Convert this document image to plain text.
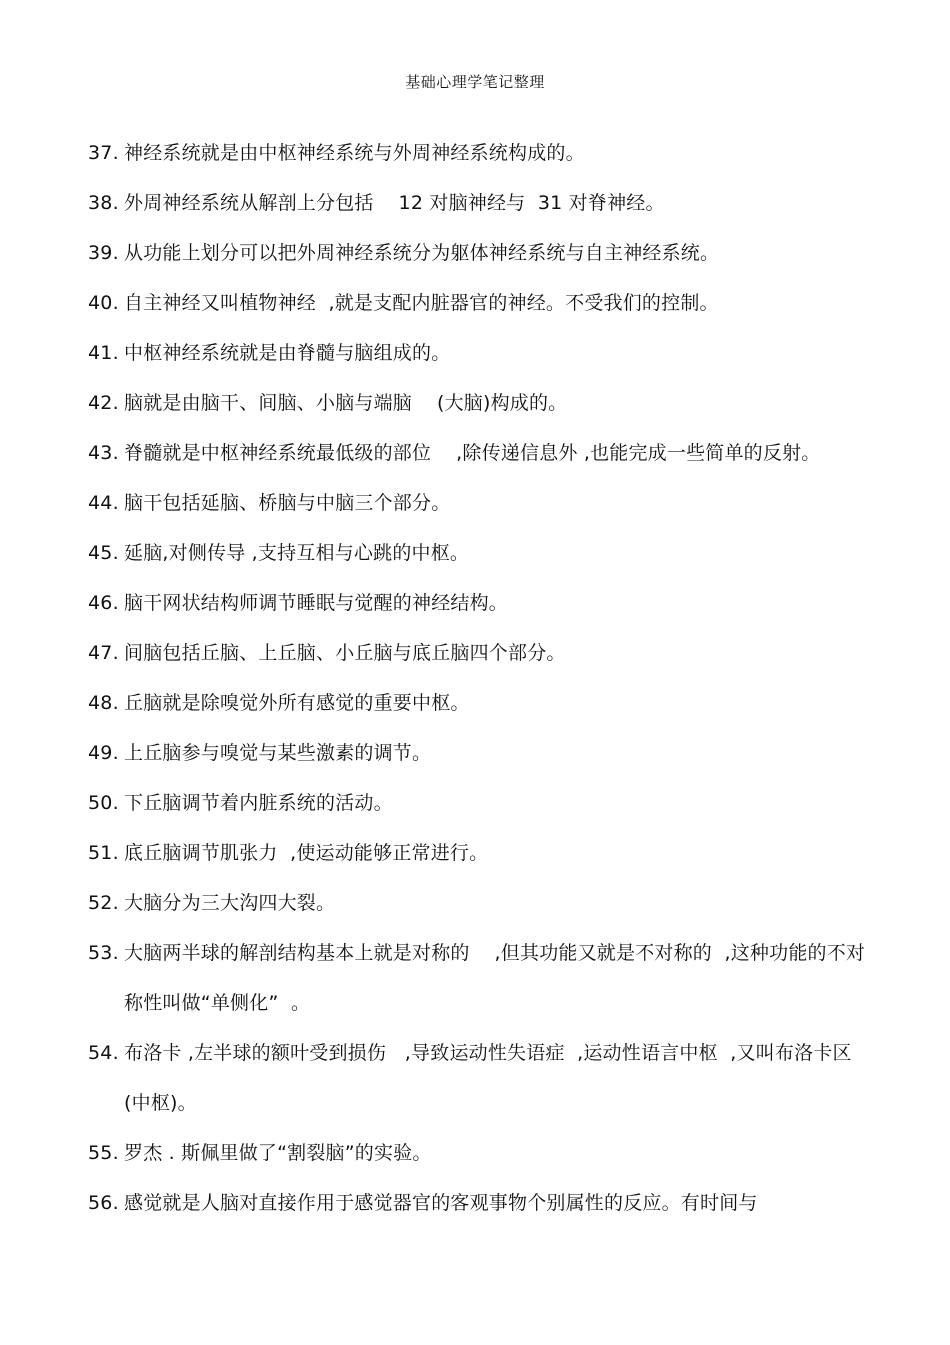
基础心理学笔记整理
37. 神经系统就是由中枢神经系统与外周神经系统构成的。
38. 外周神经系统从解剖上分包括    12 对脑神经与  31 对脊神经。
39. 从功能上划分可以把外周神经系统分为躯体神经系统与自主神经系统。
40. 自主神经又叫植物神经  ,就是支配内脏器官的神经。不受我们的控制。
41. 中枢神经系统就是由脊髓与脑组成的。
42. 脑就是由脑干、间脑、小脑与端脑    (大脑)构成的。
43. 脊髓就是中枢神经系统最低级的部位    ,除传递信息外 ,也能完成一些简单的反射。
44. 脑干包括延脑、桥脑与中脑三个部分。
45. 延脑,对侧传导 ,支持互相与心跳的中枢。
46. 脑干网状结构师调节睡眠与觉醒的神经结构。
47. 间脑包括丘脑、上丘脑、小丘脑与底丘脑四个部分。
48. 丘脑就是除嗅觉外所有感觉的重要中枢。
49. 上丘脑参与嗅觉与某些激素的调节。
50. 下丘脑调节着内脏系统的活动。
51. 底丘脑调节肌张力  ,使运动能够正常进行。
52. 大脑分为三大沟四大裂。
53. 大脑两半球的解剖结构基本上就是对称的    ,但其功能又就是不对称的  ,这种功能的不对称性叫做“单侧化”  。
54. 布洛卡 ,左半球的额叶受到损伤   ,导致运动性失语症  ,运动性语言中枢  ,又叫布洛卡区 (中枢)。
55. 罗杰 . 斯佩里做了“割裂脑”的实验。
56. 感觉就是人脑对直接作用于感觉器官的客观事物个别属性的反应。有时间与
